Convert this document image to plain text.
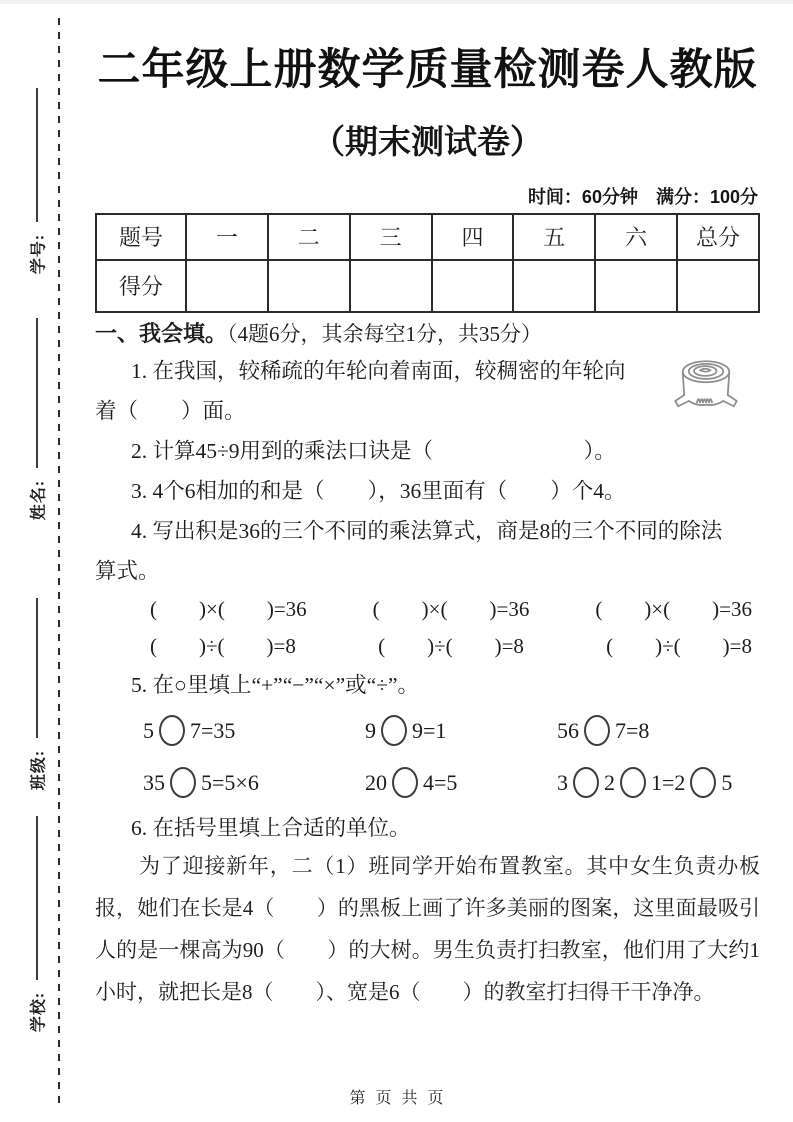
学号:
姓名:
班级:
学校:
二年级上册数学质量检测卷人教版
（期末测试卷）
时间：60分钟　满分：100分
题号	一	二	三	四	五	六	总分
得分							
一、我会填。（4题6分，其余每空1分，共35分）
1. 在我国，较稀疏的年轮向着南面，较稠密的年轮向
着（　　）面。
2. 计算45÷9用到的乘法口诀是（　　　　　　　）。
3. 4个6相加的和是（　　），36里面有（　　）个4。
4. 写出积是36的三个不同的乘法算式，商是8的三个不同的除法
算式。
(　　)×(　　)=36	(　　)×(　　)=36	(　　)×(　　)=36
(　　)÷(　　)=8	(　　)÷(　　)=8	(　　)÷(　　)=8
5. 在○里填上“+”“−”“×”或“÷”。
5 7=35	9 9=1	56 7=8
35 5=5×6	20 4=5	3 2 1=2 5
6. 在括号里填上合适的单位。
为了迎接新年，二（1）班同学开始布置教室。其中女生负责办板报，她们在长是4（　　）的黑板上画了许多美丽的图案，这里面最吸引人的是一棵高为90（　　）的大树。男生负责打扫教室，他们用了大约1小时，就把长是8（　　）、宽是6（　　）的教室打扫得干干净净。
第页共页
